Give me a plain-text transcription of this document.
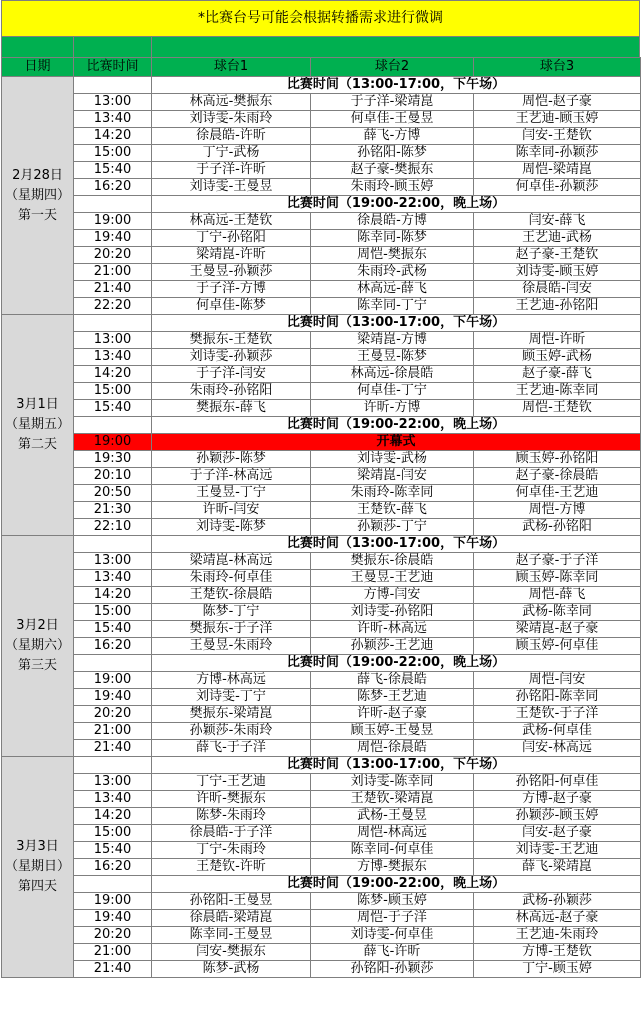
*比赛台号可能会根据转播需求进行微调
日期	比赛时间	球台1	球台2	球台3

2月28日
（星期四）
第一天		比赛时间（13:00-17:00，下午场）		
	13:00	林高远-樊振东	于子洋-梁靖崑	周恺-赵子豪
	13:40	刘诗雯-朱雨玲	何卓佳-王曼昱	王艺迪-顾玉婷
	14:20	徐晨皓-许昕	薛飞-方博	闫安-王楚钦
	15:00	丁宁-武杨	孙铭阳-陈梦	陈幸同-孙颖莎
	15:40	于子洋-许昕	赵子豪-樊振东	周恺-梁靖崑
	16:20	刘诗雯-王曼昱	朱雨玲-顾玉婷	何卓佳-孙颖莎
		比赛时间（19:00-22:00，晚上场）		
	19:00	林高远-王楚钦	徐晨皓-方博	闫安-薛飞
	19:40	丁宁-孙铭阳	陈幸同-陈梦	王艺迪-武杨
	20:20	梁靖崑-许昕	周恺-樊振东	赵子豪-王楚钦
	21:00	王曼昱-孙颖莎	朱雨玲-武杨	刘诗雯-顾玉婷
	21:40	于子洋-方博	林高远-薛飞	徐晨皓-闫安
	22:20	何卓佳-陈梦	陈幸同-丁宁	王艺迪-孙铭阳

3月1日
（星期五）
第二天		比赛时间（13:00-17:00，下午场）		
	13:00	樊振东-王楚钦	梁靖崑-方博	周恺-许昕
	13:40	刘诗雯-孙颖莎	王曼昱-陈梦	顾玉婷-武杨
	14:20	于子洋-闫安	林高远-徐晨皓	赵子豪-薛飞
	15:00	朱雨玲-孙铭阳	何卓佳-丁宁	王艺迪-陈幸同
	15:40	樊振东-薛飞	许昕-方博	周恺-王楚钦
		比赛时间（19:00-22:00，晚上场）		
	19:00	开幕式		
	19:30	孙颖莎-陈梦	刘诗雯-武杨	顾玉婷-孙铭阳
	20:10	于子洋-林高远	梁靖崑-闫安	赵子豪-徐晨皓
	20:50	王曼昱-丁宁	朱雨玲-陈幸同	何卓佳-王艺迪
	21:30	许昕-闫安	王楚钦-薛飞	周恺-方博
	22:10	刘诗雯-陈梦	孙颖莎-丁宁	武杨-孙铭阳

3月2日
（星期六）
第三天		比赛时间（13:00-17:00，下午场）		
	13:00	梁靖崑-林高远	樊振东-徐晨皓	赵子豪-于子洋
	13:40	朱雨玲-何卓佳	王曼昱-王艺迪	顾玉婷-陈幸同
	14:20	王楚钦-徐晨皓	方博-闫安	周恺-薛飞
	15:00	陈梦-丁宁	刘诗雯-孙铭阳	武杨-陈幸同
	15:40	樊振东-于子洋	许昕-林高远	梁靖崑-赵子豪
	16:20	王曼昱-朱雨玲	孙颖莎-王艺迪	顾玉婷-何卓佳
		比赛时间（19:00-22:00，晚上场）		
	19:00	方博-林高远	薛飞-徐晨皓	周恺-闫安
	19:40	刘诗雯-丁宁	陈梦-王艺迪	孙铭阳-陈幸同
	20:20	樊振东-梁靖崑	许昕-赵子豪	王楚钦-于子洋
	21:00	孙颖莎-朱雨玲	顾玉婷-王曼昱	武杨-何卓佳
	21:40	薛飞-于子洋	周恺-徐晨皓	闫安-林高远

3月3日
（星期日）
第四天		比赛时间（13:00-17:00，下午场）		
	13:00	丁宁-王艺迪	刘诗雯-陈幸同	孙铭阳-何卓佳
	13:40	许昕-樊振东	王楚钦-梁靖崑	方博-赵子豪
	14:20	陈梦-朱雨玲	武杨-王曼昱	孙颖莎-顾玉婷
	15:00	徐晨皓-于子洋	周恺-林高远	闫安-赵子豪
	15:40	丁宁-朱雨玲	陈幸同-何卓佳	刘诗雯-王艺迪
	16:20	王楚钦-许昕	方博-樊振东	薛飞-梁靖崑
		比赛时间（19:00-22:00，晚上场）		
	19:00	孙铭阳-王曼昱	陈梦-顾玉婷	武杨-孙颖莎
	19:40	徐晨皓-梁靖崑	周恺-于子洋	林高远-赵子豪
	20:20	陈幸同-王曼昱	刘诗雯-何卓佳	王艺迪-朱雨玲
	21:00	闫安-樊振东	薛飞-许昕	方博-王楚钦
	21:40	陈梦-武杨	孙铭阳-孙颖莎	丁宁-顾玉婷
